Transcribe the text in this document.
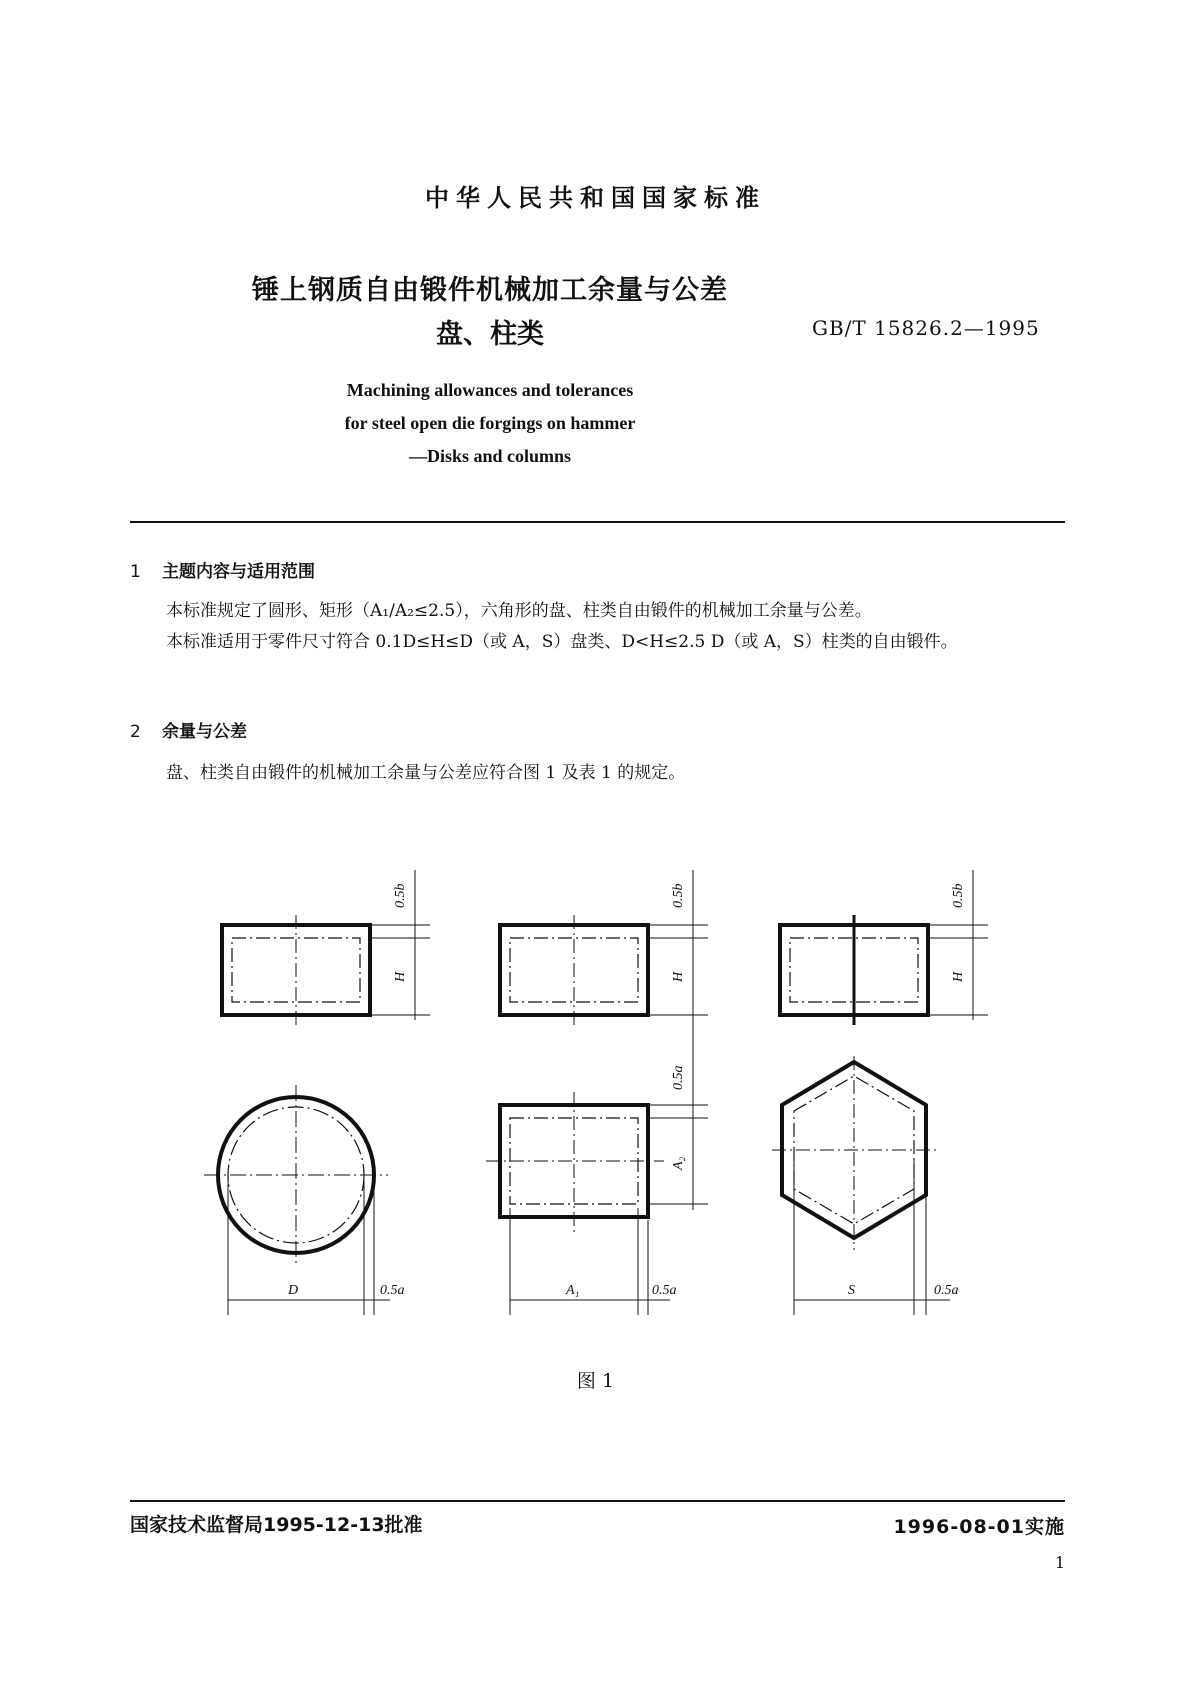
中华人民共和国国家标准
锤上钢质自由锻件机械加工余量与公差
盘、柱类	GB/T 15826.2—1995
Machining allowances and tolerances
for steel open die forgings on hammer
—Disks and columns
1 主题内容与适用范围
本标准规定了圆形、矩形（A₁/A₂≤2.5），六角形的盘、柱类自由锻件的机械加工余量与公差。
本标准适用于零件尺寸符合 0.1D≤H≤D（或 A，S）盘类、D<H≤2.5 D（或 A，S）柱类的自由锻件。
2 余量与公差
盘、柱类自由锻件的机械加工余量与公差应符合图 1 及表 1 的规定。
0.5b
H
0.5b
H
0.5b
H
0.5a
A₂
D	0.5a	A₁	0.5a	S	0.5a
图 1
国家技术监督局1995-12-13批准	1996-08-01实施
1
